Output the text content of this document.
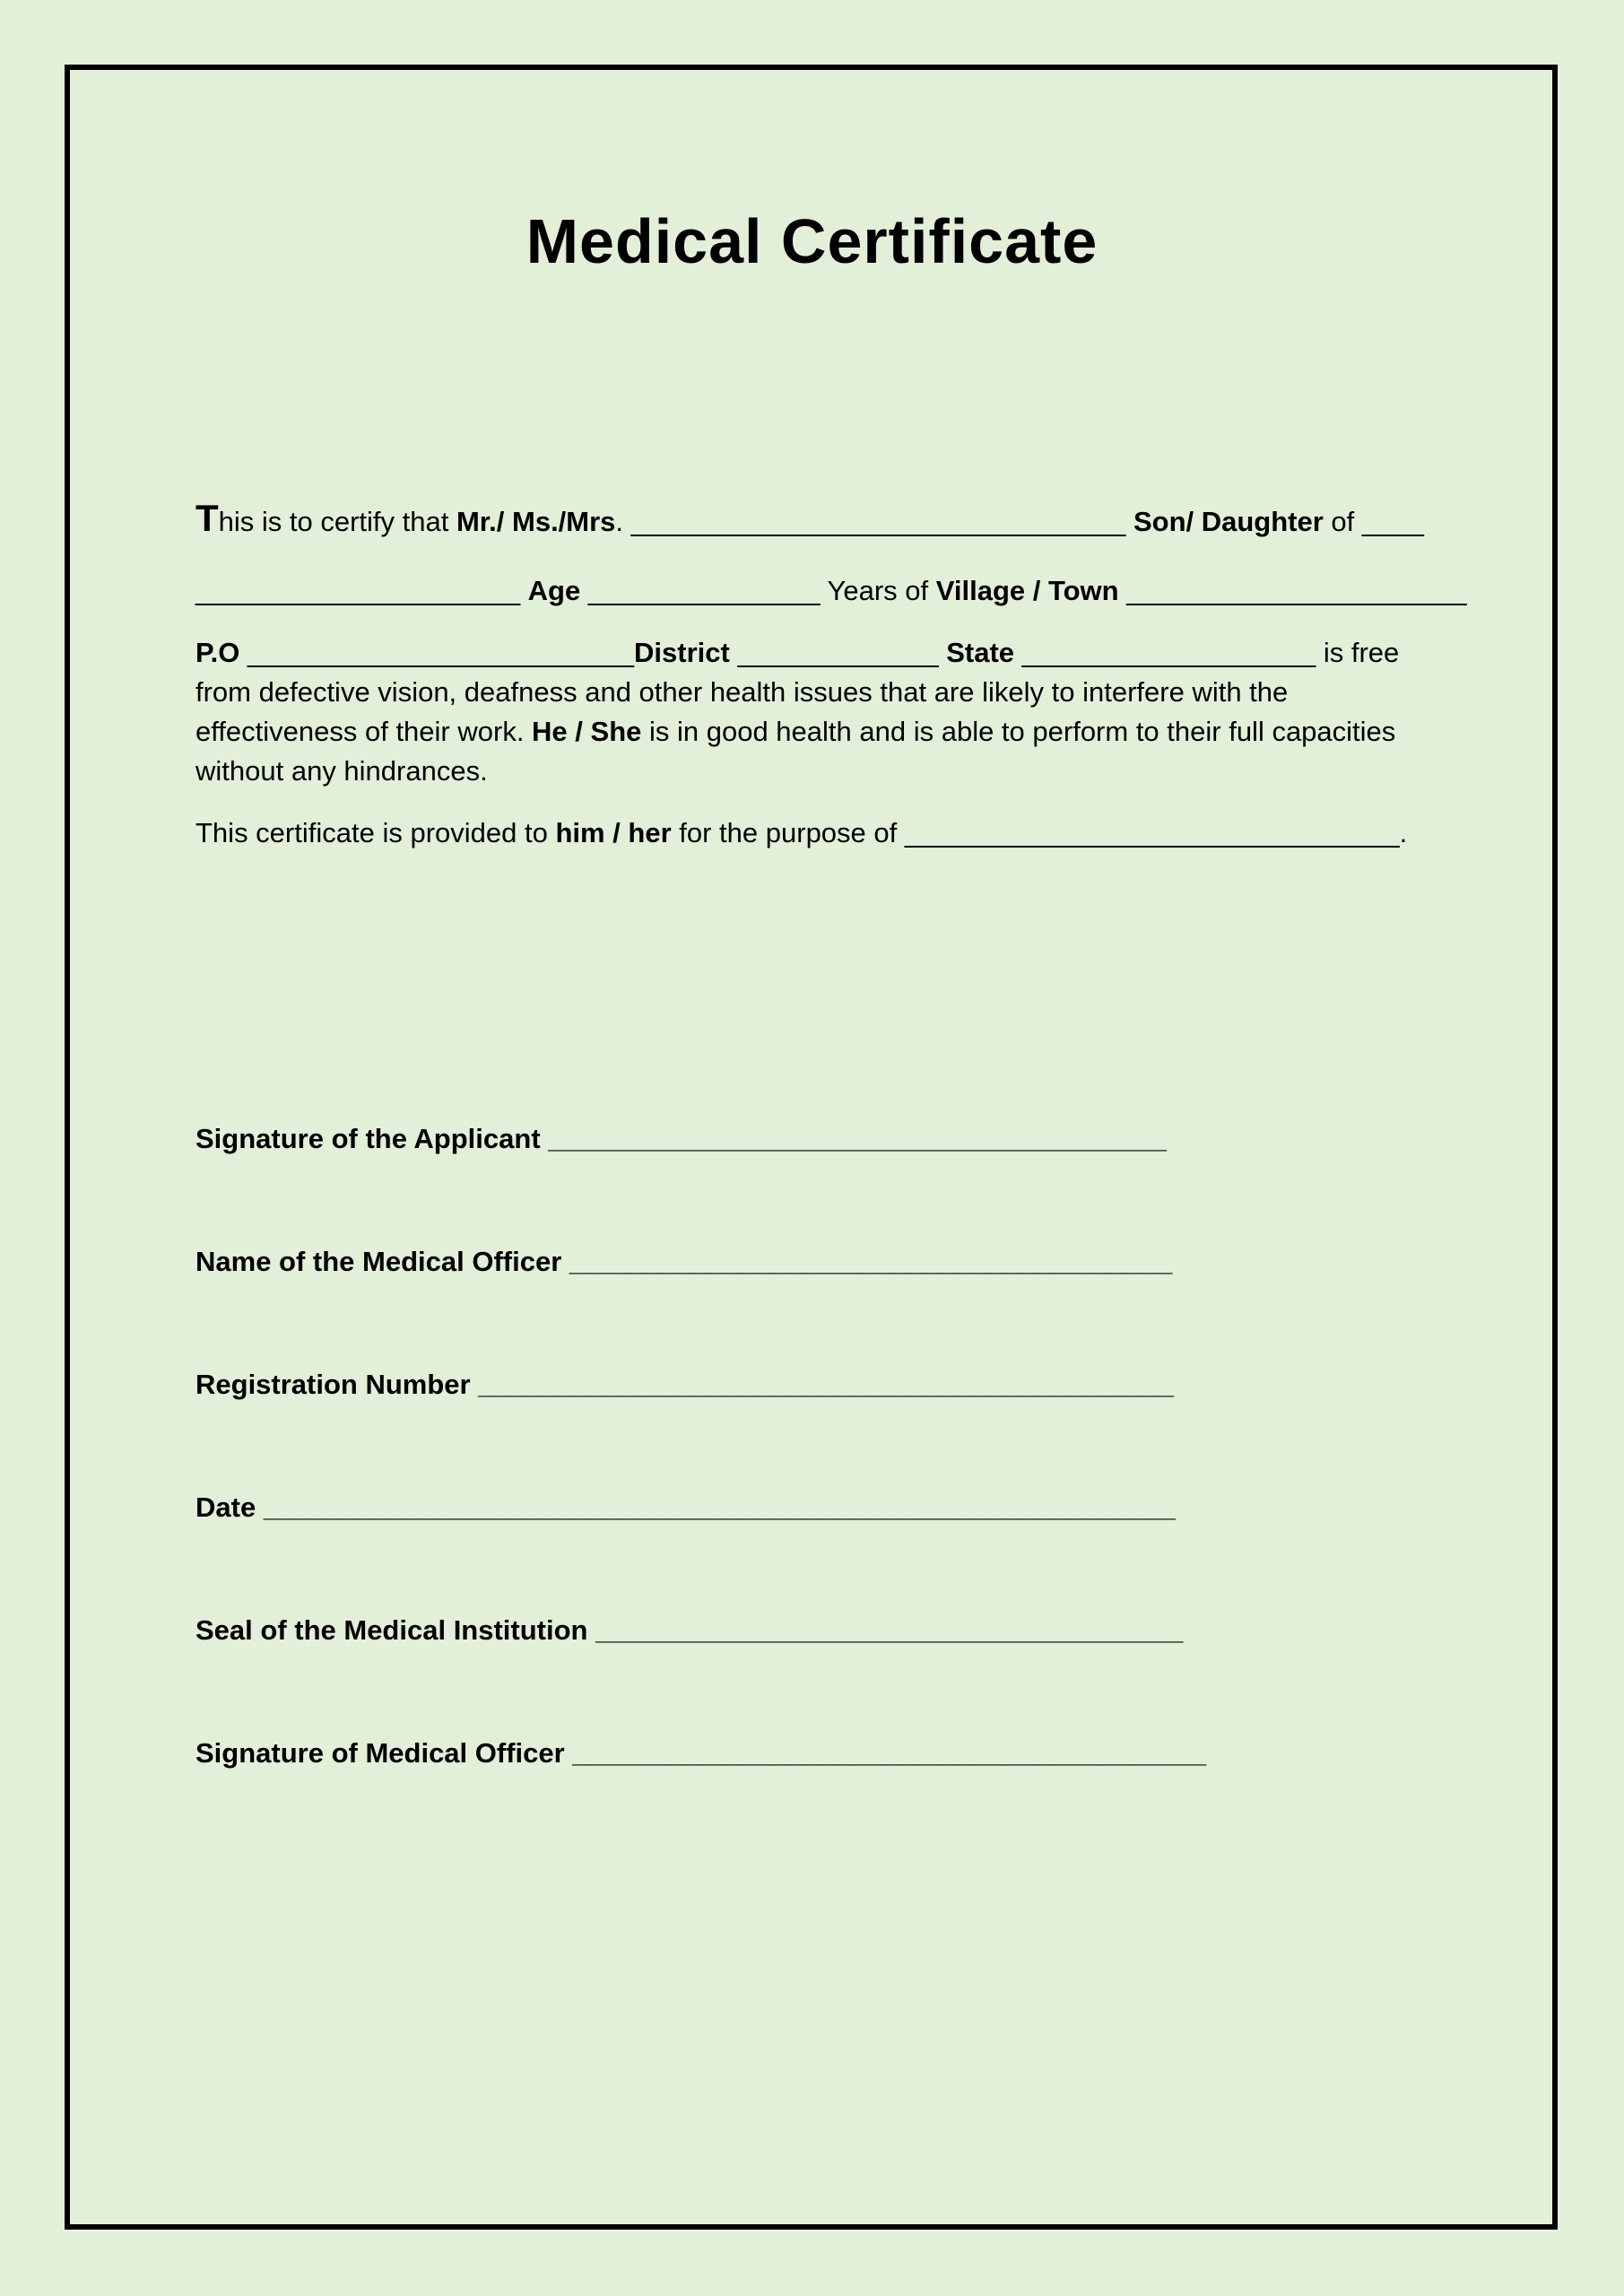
Medical Certificate
This is to certify that Mr./ Ms./Mrs. ________________________________ Son/ Daughter of ____
_____________________ Age _______________ Years of Village / Town ______________________
P.O _________________________District _____________ State ___________________ is free from defective vision, deafness and other health issues that are likely to interfere with the effectiveness of their work. He / She is in good health and is able to perform to their full capacities without any hindrances.
This certificate is provided to him / her for the purpose of ________________________________.
Signature of the Applicant ________________________________________
Name of the Medical Officer _______________________________________
Registration Number _____________________________________________
Date ___________________________________________________________
Seal of the Medical Institution ______________________________________
Signature of Medical Officer _________________________________________
